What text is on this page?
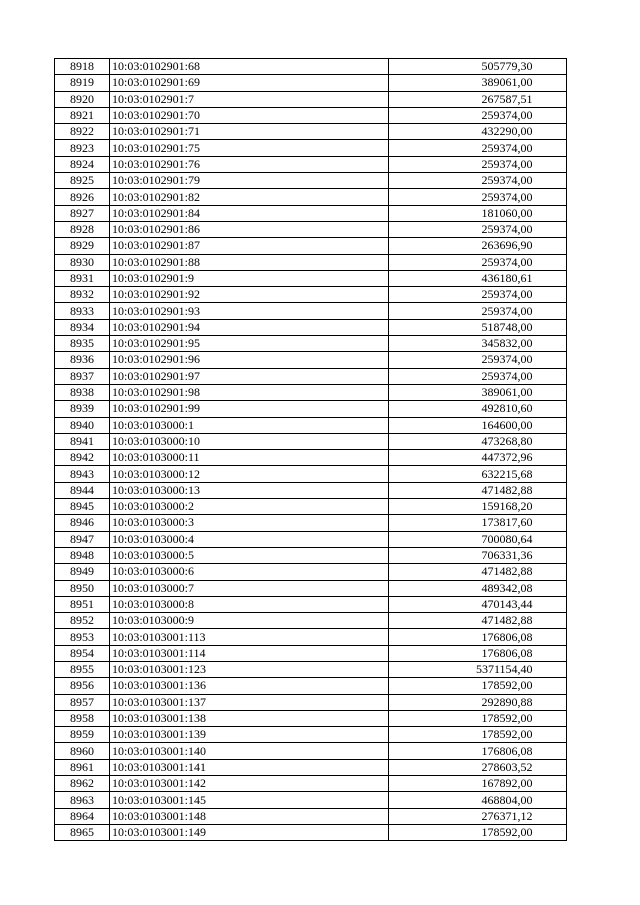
8918	10:03:0102901:68	505779,30
8919	10:03:0102901:69	389061,00
8920	10:03:0102901:7	267587,51
8921	10:03:0102901:70	259374,00
8922	10:03:0102901:71	432290,00
8923	10:03:0102901:75	259374,00
8924	10:03:0102901:76	259374,00
8925	10:03:0102901:79	259374,00
8926	10:03:0102901:82	259374,00
8927	10:03:0102901:84	181060,00
8928	10:03:0102901:86	259374,00
8929	10:03:0102901:87	263696,90
8930	10:03:0102901:88	259374,00
8931	10:03:0102901:9	436180,61
8932	10:03:0102901:92	259374,00
8933	10:03:0102901:93	259374,00
8934	10:03:0102901:94	518748,00
8935	10:03:0102901:95	345832,00
8936	10:03:0102901:96	259374,00
8937	10:03:0102901:97	259374,00
8938	10:03:0102901:98	389061,00
8939	10:03:0102901:99	492810,60
8940	10:03:0103000:1	164600,00
8941	10:03:0103000:10	473268,80
8942	10:03:0103000:11	447372,96
8943	10:03:0103000:12	632215,68
8944	10:03:0103000:13	471482,88
8945	10:03:0103000:2	159168,20
8946	10:03:0103000:3	173817,60
8947	10:03:0103000:4	700080,64
8948	10:03:0103000:5	706331,36
8949	10:03:0103000:6	471482,88
8950	10:03:0103000:7	489342,08
8951	10:03:0103000:8	470143,44
8952	10:03:0103000:9	471482,88
8953	10:03:0103001:113	176806,08
8954	10:03:0103001:114	176806,08
8955	10:03:0103001:123	5371154,40
8956	10:03:0103001:136	178592,00
8957	10:03:0103001:137	292890,88
8958	10:03:0103001:138	178592,00
8959	10:03:0103001:139	178592,00
8960	10:03:0103001:140	176806,08
8961	10:03:0103001:141	278603,52
8962	10:03:0103001:142	167892,00
8963	10:03:0103001:145	468804,00
8964	10:03:0103001:148	276371,12
8965	10:03:0103001:149	178592,00
